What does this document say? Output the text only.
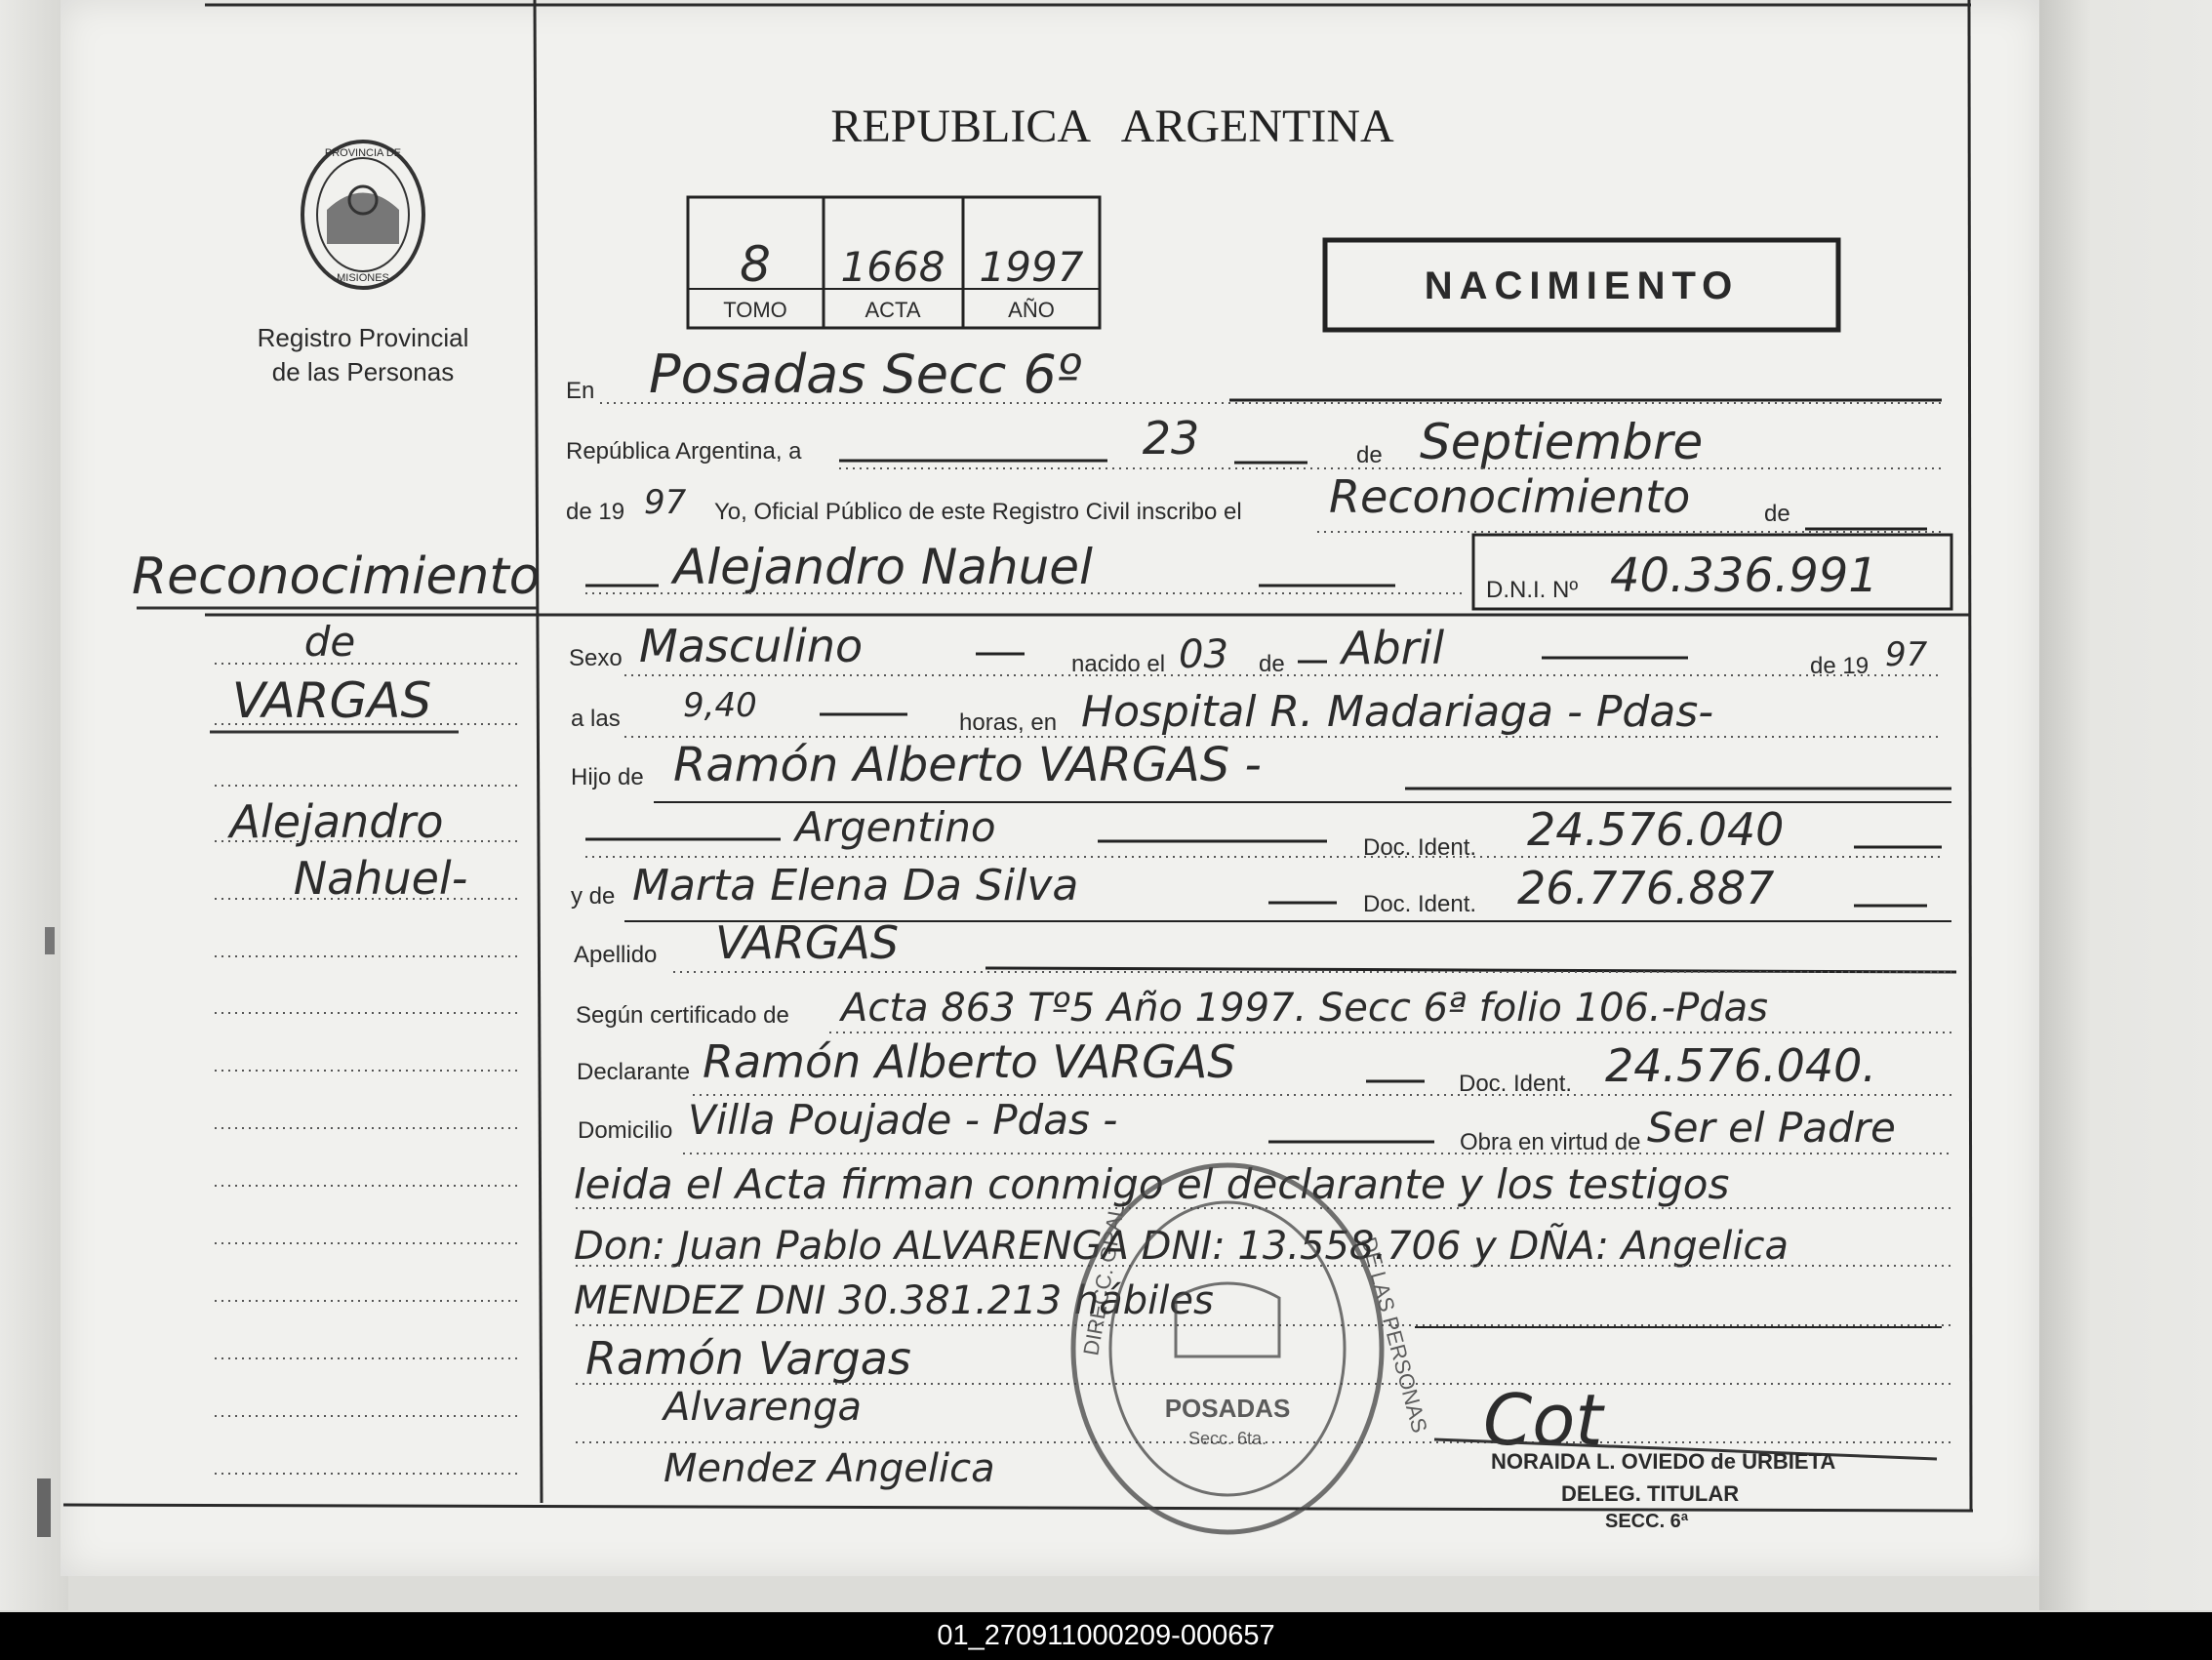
PROVINCIA DE
MISIONES
Registro Provincial
de las Personas
REPUBLICA   ARGENTINA
8 1668 1997
TOMO	ACTA	AÑO
NACIMIENTO
Reconocimiento
de
VARGAS
Alejandro
Nahuel-
En Posadas Secc 6º
República Argentina, a	23	de Septiembre
de 19 97 Yo, Oficial Público de este Registro Civil inscribo el Reconocimiento	de
Alejandro Nahuel	D.N.I. Nº 40.336.991
Sexo Masculino	nacido el 03 de Abril	de 19 97
a las 9,40	horas, en Hospital R. Madariaga - Pdas-
Hijo de Ramón Alberto VARGAS -
Argentino	Doc. Ident. 24.576.040
y de Marta Elena Da Silva	Doc. Ident. 26.776.887
Apellido VARGAS
Según certificado de Acta 863 Tº5 Año 1997. Secc 6ª folio 106.-Pdas
Declarante Ramón Alberto VARGAS	Doc. Ident. 24.576.040.
Domicilio Villa Poujade - Pdas -	Obra en virtud de Ser el Padre
leida el Acta firman conmigo el declarante y los testigos
Don: Juan Pablo ALVARENGA DNI: 13.558.706 y DÑA: Angelica
MENDEZ DNI 30.381.213 hábiles
Ramón Vargas
Alvarenga
Mendez Angelica
Cot
NORAIDA L. OVIEDO de URBIETA
DELEG. TITULAR
SECC. 6ª
DIRECC. GRAL.	DE LAS PERSONAS
POSADAS
Secc. 6ta.
01_270911000209-000657
